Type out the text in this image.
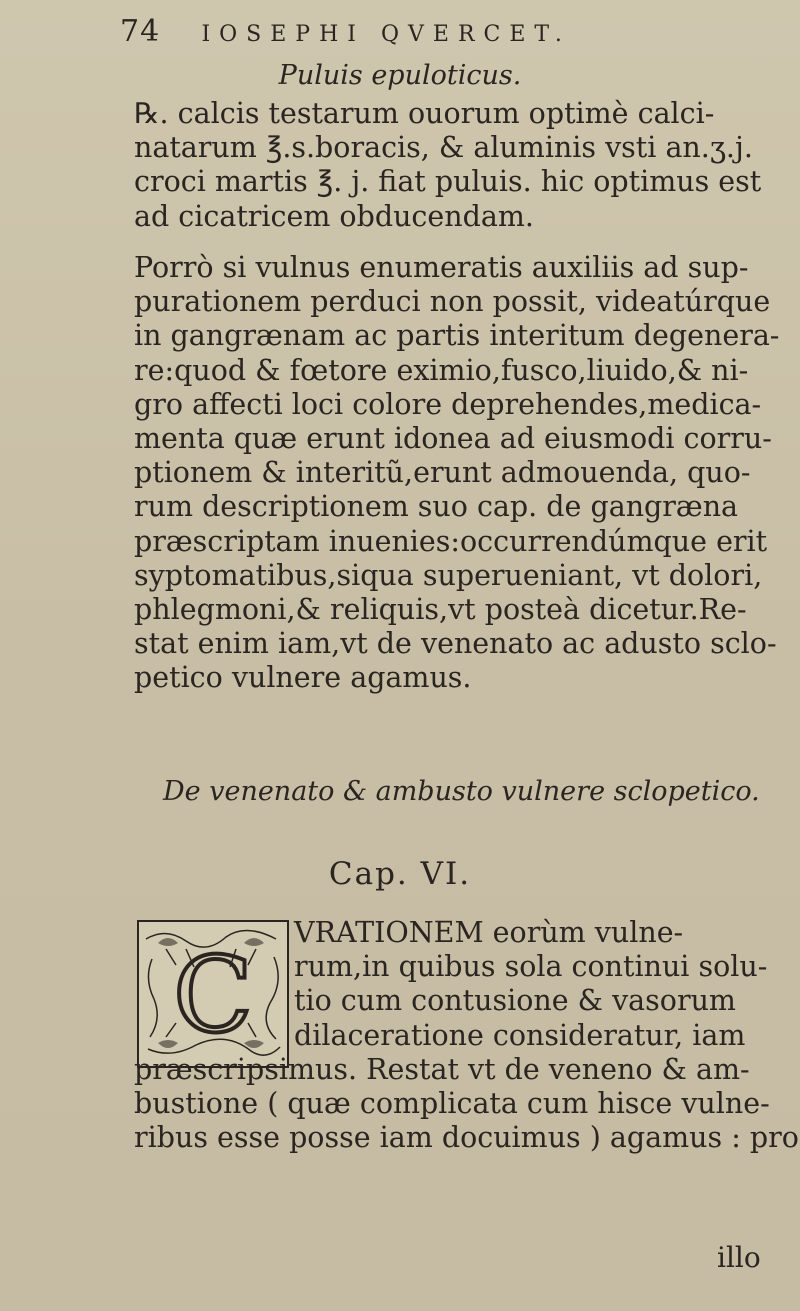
74 IOSEPHI QVERCET.
Puluis epuloticus.
℞. calcis testarum ouorum optimè calci-
natarum ℥.s.boracis, & aluminis vsti an.ʒ.j.
croci martis ℥. j. fiat puluis. hic optimus est
ad cicatricem obducendam.
Porrò si vulnus enumeratis auxiliis ad sup-
purationem perduci non possit, videatúrque
in gangrænam ac partis interitum degenera-
re:quod & fœtore eximio,fusco,liuido,& ni-
gro affecti loci colore deprehendes,medica-
menta quæ erunt idonea ad eiusmodi corru-
ptionem & interitũ,erunt admouenda, quo-
rum descriptionem suo cap. de gangræna
præscriptam inuenies:occurrendúmque erit
syptomatibus,siqua superueniant, vt dolori,
phlegmoni,& reliquis,vt posteà dicetur.Re-
stat enim iam,vt de venenato ac adusto sclo-
petico vulnere agamus.
De venenato & ambusto vulnere sclopetico.
Cap. VI.
C
VRATIONEM eorùm vulne-
rum,in quibus sola continui solu-
tio cum contusione & vasorum
dilaceratione consideratur, iam
præscripsimus. Restat vt de veneno & am-
bustione ( quæ complicata cum hisce vulne-
ribus esse posse iam docuimus ) agamus : pro
illo
